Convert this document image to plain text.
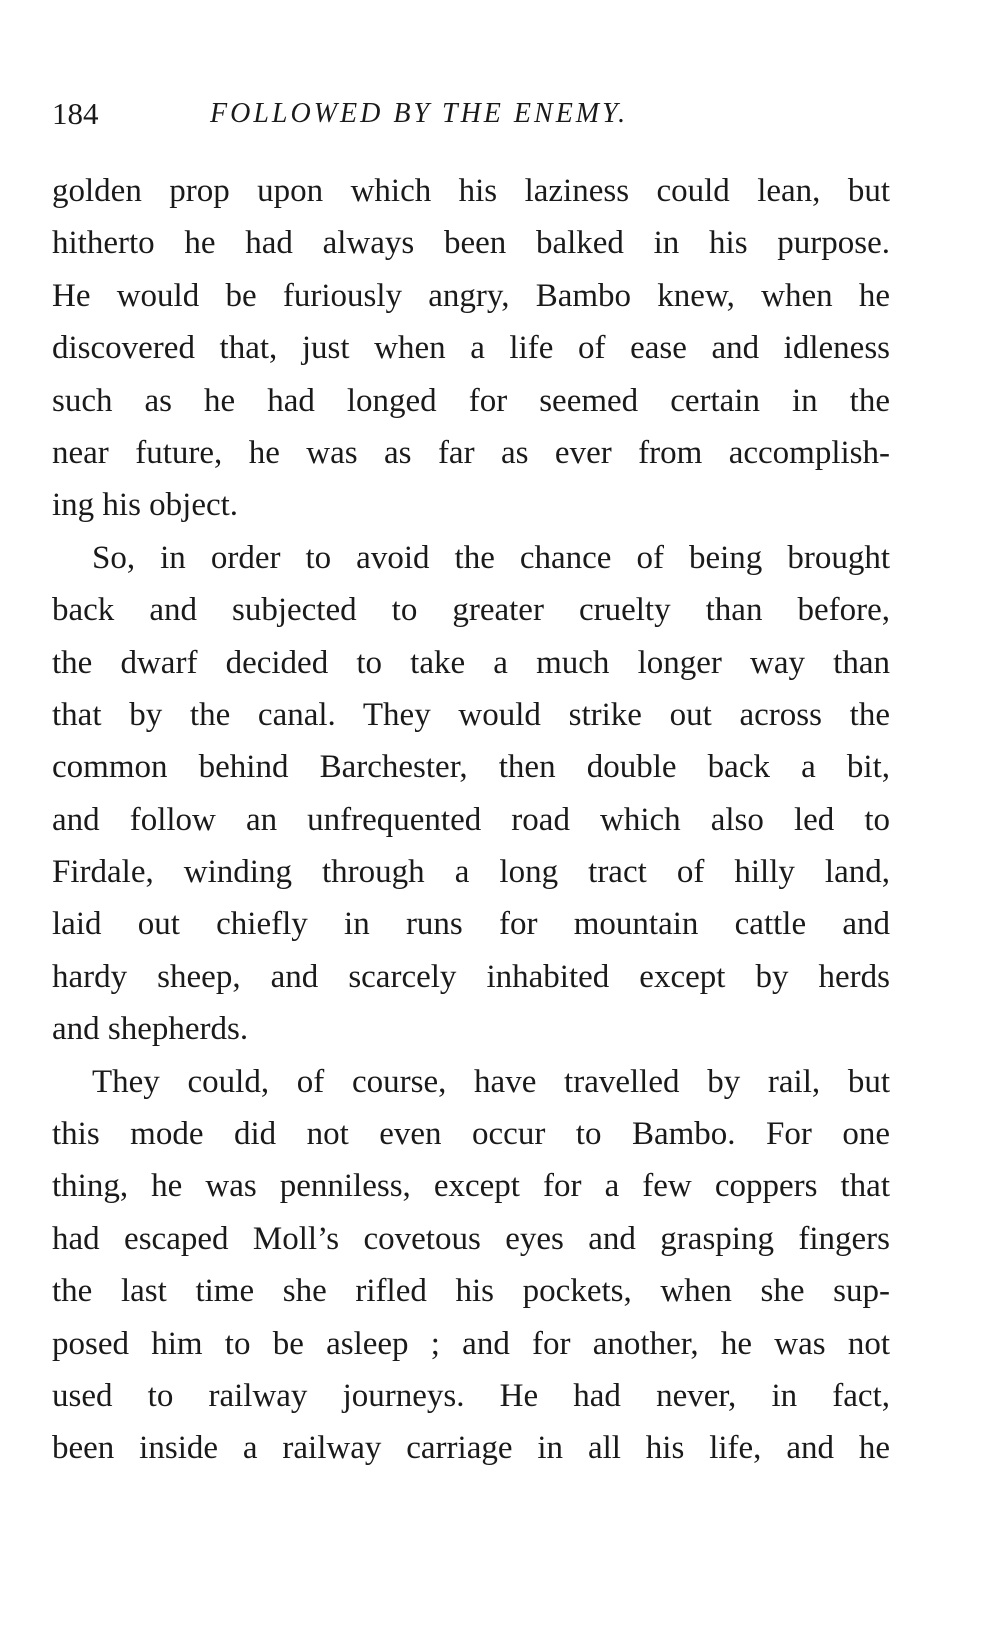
184	FOLLOWED BY THE ENEMY.
golden prop upon which his laziness could lean, but
hitherto he had always been balked in his purpose.
He would be furiously angry, Bambo knew, when he
discovered that, just when a life of ease and idleness
such as he had longed for seemed certain in the
near future, he was as far as ever from accomplish-
ing his object.
So, in order to avoid the chance of being brought
back and subjected to greater cruelty than before,
the dwarf decided to take a much longer way than
that by the canal. They would strike out across the
common behind Barchester, then double back a bit,
and follow an unfrequented road which also led to
Firdale, winding through a long tract of hilly land,
laid out chiefly in runs for mountain cattle and
hardy sheep, and scarcely inhabited except by herds
and shepherds.
They could, of course, have travelled by rail, but
this mode did not even occur to Bambo. For one
thing, he was penniless, except for a few coppers that
had escaped Moll’s covetous eyes and grasping fingers
the last time she rifled his pockets, when she sup-
posed him to be asleep ; and for another, he was not
used to railway journeys. He had never, in fact,
been inside a railway carriage in all his life, and he
